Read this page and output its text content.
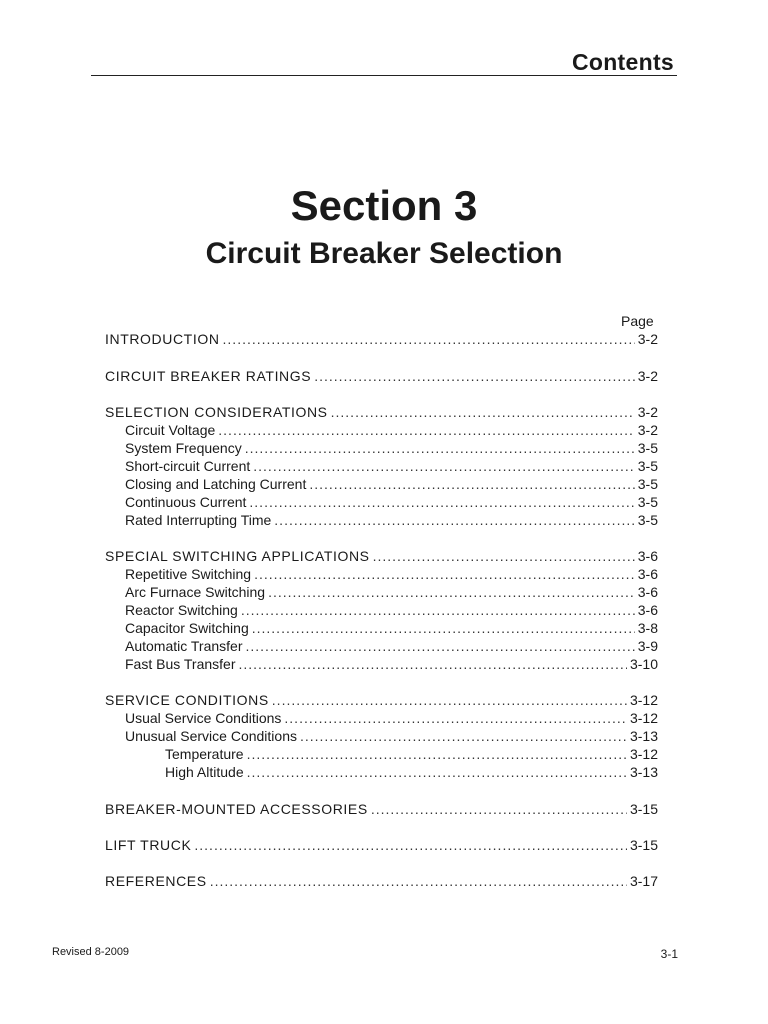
Contents
Section 3
Circuit Breaker Selection
Page
INTRODUCTION .....	3-2
CIRCUIT BREAKER RATINGS .....	3-2
SELECTION CONSIDERATIONS .....	3-2
Circuit Voltage .....	3-2
System Frequency .....	3-5
Short-circuit Current .....	3-5
Closing and Latching Current .....	3-5
Continuous Current .....	3-5
Rated Interrupting Time .....	3-5
SPECIAL SWITCHING APPLICATIONS .....	3-6
Repetitive Switching .....	3-6
Arc Furnace Switching .....	3-6
Reactor Switching .....	3-6
Capacitor Switching .....	3-8
Automatic Transfer .....	3-9
Fast Bus Transfer .....	3-10
SERVICE CONDITIONS .....	3-12
Usual Service Conditions .....	3-12
Unusual Service Conditions .....	3-13
Temperature .....	3-12
High Altitude .....	3-13
BREAKER-MOUNTED ACCESSORIES .....	3-15
LIFT TRUCK .....	3-15
REFERENCES .....	3-17
Revised 8-2009	3-1
